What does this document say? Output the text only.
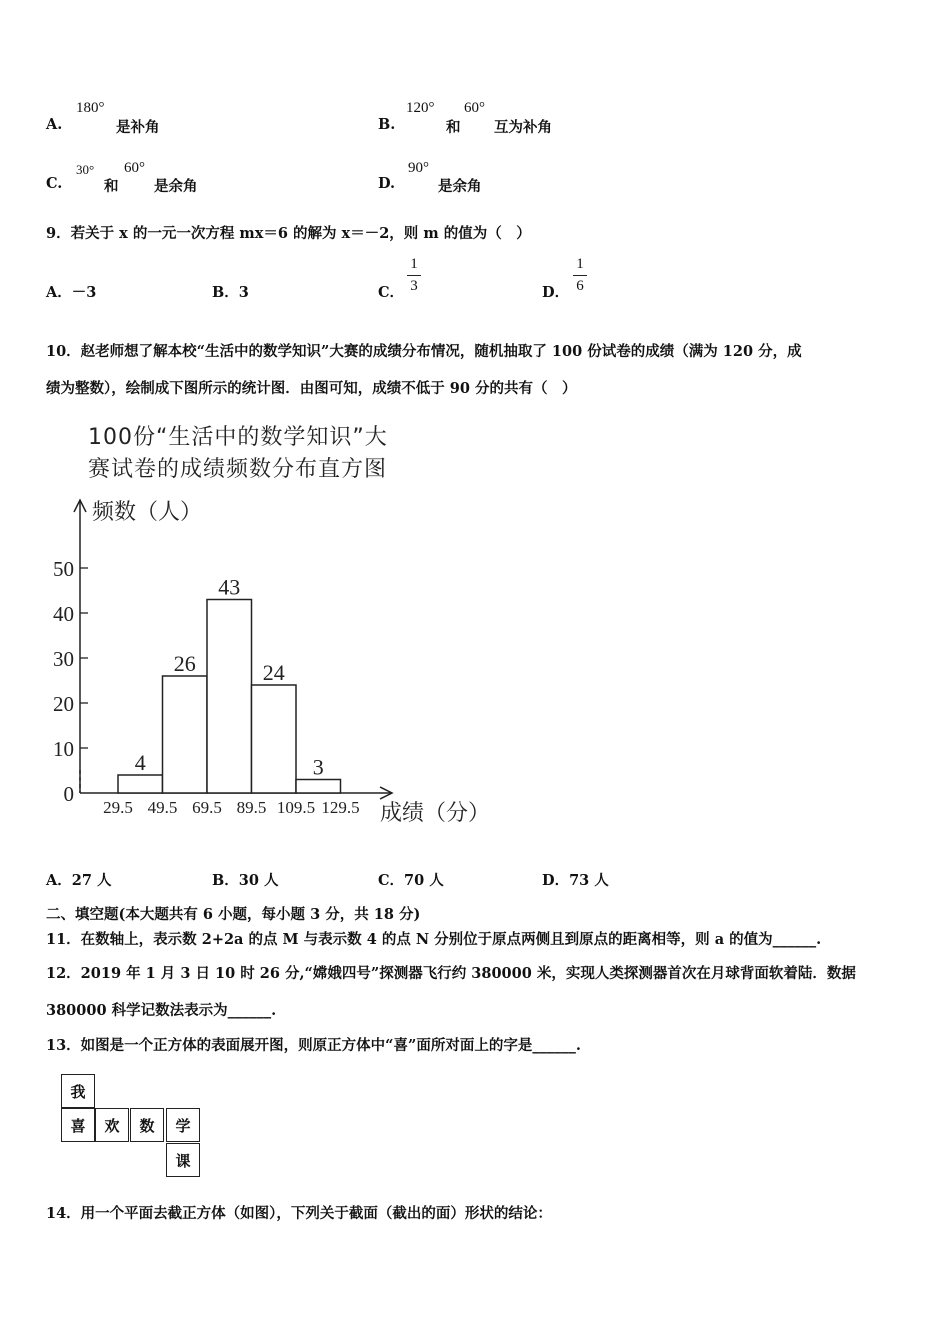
A.
180°
是补角	B.
120°
和
60°
互为补角
C.
30°
和
60°
是余角	D.
90°
是余角
9．若关于 x 的一元一次方程 mx＝6 的解为 x＝－2，则 m 的值为（　）
A．－3	B．3	C．
1
3	D．
1
6
10．赵老师想了解本校“生活中的数学知识”大赛的成绩分布情况，随机抽取了 100 份试卷的成绩（满为 120 分，成
绩为整数），绘制成下图所示的统计图．由图可知，成绩不低于 90 分的共有（　）
100份“生活中的数学知识”大
赛试卷的成绩频数分布直方图
频数（人）
成绩（分）
4
26
43
24
3
0
10
20
30
40
50
29.5 49.5 69.5 89.5 109.5 129.5
A．27 人	B．30 人	C．70 人	D．73 人
二、填空题(本大题共有 6 小题，每小题 3 分，共 18 分)
11．在数轴上，表示数 2+2a 的点 M 与表示数 4 的点 N 分别位于原点两侧且到原点的距离相等，则 a 的值为______.
12．2019 年 1 月 3 日 10 时 26 分,“嫦娥四号”探测器飞行约 380000 米，实现人类探测器首次在月球背面软着陆．数据
380000 科学记数法表示为______.
13．如图是一个正方体的表面展开图，则原正方体中“喜”面所对面上的字是______.
我
喜	欢	数	学
课
14．用一个平面去截正方体（如图），下列关于截面（截出的面）形状的结论：
